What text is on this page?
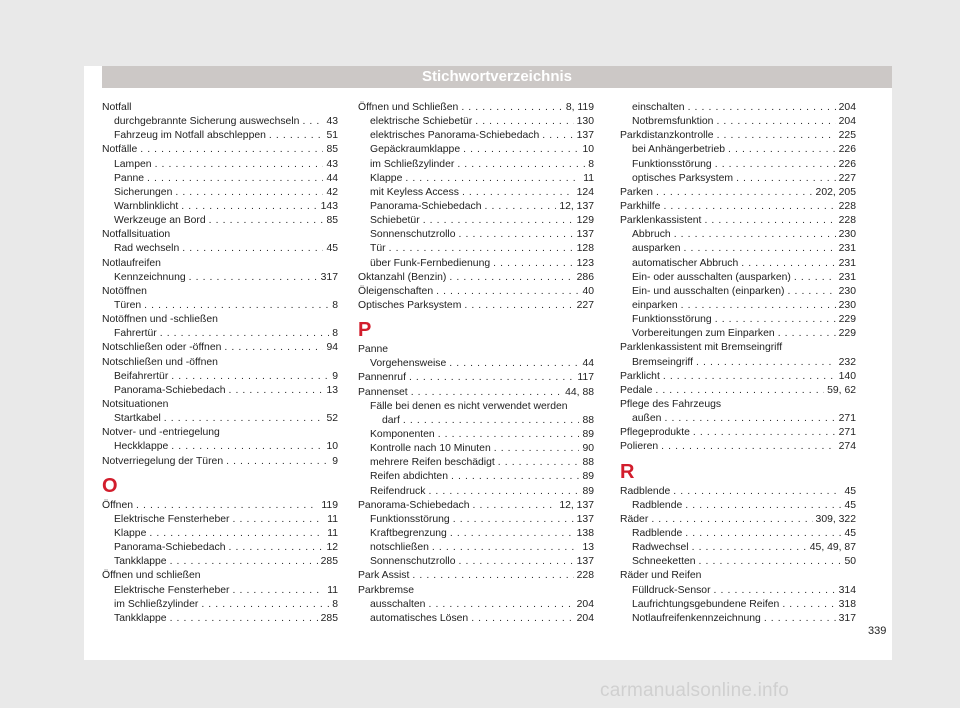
Stichwortverzeichnis
Notfall
durchgebrannte Sicherung auswechseln . . .	43
Fahrzeug im Notfall abschleppen . . .	51
Notfälle . . .	85
Lampen . . .	43
Panne . . .	44
Sicherungen . . .	42
Warnblinklicht . . .	143
Werkzeuge an Bord . . .	85
Notfallsituation
Rad wechseln . . .	45
Notlaufreifen
Kennzeichnung . . .	317
Notöffnen
Türen . . .	8
Notöffnen und -schließen
Fahrertür . . .	8
Notschließen oder -öffnen . . .	94
Notschließen und -öffnen
Beifahrertür . . .	9
Panorama-Schiebedach . . .	13
Notsituationen
Startkabel . . .	52
Notver- und -entriegelung
Heckklappe . . .	10
Notverriegelung der Türen . . .	9
O
Öffnen . . .	119
Elektrische Fensterheber . . .	11
Klappe . . .	11
Panorama-Schiebedach . . .	12
Tankklappe . . .	285
Öffnen und schließen
Elektrische Fensterheber . . .	11
im Schließzylinder . . .	8
Tankklappe . . .	285
Öffnen und Schließen . . .	8, 119
elektrische Schiebetür . . .	130
elektrisches Panorama-Schiebedach . . .	137
Gepäckraumklappe . . .	10
im Schließzylinder . . .	8
Klappe . . .	11
mit Keyless Access . . .	124
Panorama-Schiebedach . . .	12, 137
Schiebetür . . .	129
Sonnenschutzrollo . . .	137
Tür . . .	128
über Funk-Fernbedienung . . .	123
Oktanzahl (Benzin) . . .	286
Öleigenschaften . . .	40
Optisches Parksystem . . .	227
P
Panne
Vorgehensweise . . .	44
Pannenruf . . .	117
Pannenset . . .	44, 88
Fälle bei denen es nicht verwendet werden
darf . . .	88
Komponenten . . .	89
Kontrolle nach 10 Minuten . . .	90
mehrere Reifen beschädigt . . .	88
Reifen abdichten . . .	89
Reifendruck . . .	89
Panorama-Schiebedach . . .	12, 137
Funktionsstörung . . .	137
Kraftbegrenzung . . .	138
notschließen . . .	13
Sonnenschutzrollo . . .	137
Park Assist . . .	228
Parkbremse
ausschalten . . .	204
automatisches Lösen . . .	204
einschalten . . .	204
Notbremsfunktion . . .	204
Parkdistanzkontrolle . . .	225
bei Anhängerbetrieb . . .	226
Funktionsstörung . . .	226
optisches Parksystem . . .	227
Parken . . .	202, 205
Parkhilfe . . .	228
Parklenkassistent . . .	228
Abbruch . . .	230
ausparken . . .	231
automatischer Abbruch . . .	231
Ein- oder ausschalten (ausparken) . . .	231
Ein- und ausschalten (einparken) . . .	230
einparken . . .	230
Funktionsstörung . . .	229
Vorbereitungen zum Einparken . . .	229
Parklenkassistent mit Bremseingriff
Bremseingriff . . .	232
Parklicht . . .	140
Pedale . . .	59, 62
Pflege des Fahrzeugs
außen . . .	271
Pflegeprodukte . . .	271
Polieren . . .	274
R
Radblende . . .	45
Radblende . . .	45
Räder . . .	309, 322
Radblende . . .	45
Radwechsel . . .	45, 49, 87
Schneeketten . . .	50
Räder und Reifen
Fülldruck-Sensor . . .	314
Laufrichtungsgebundene Reifen . . .	318
Notlaufreifenkennzeichnung . . .	317
339
carmanualsonline.info
